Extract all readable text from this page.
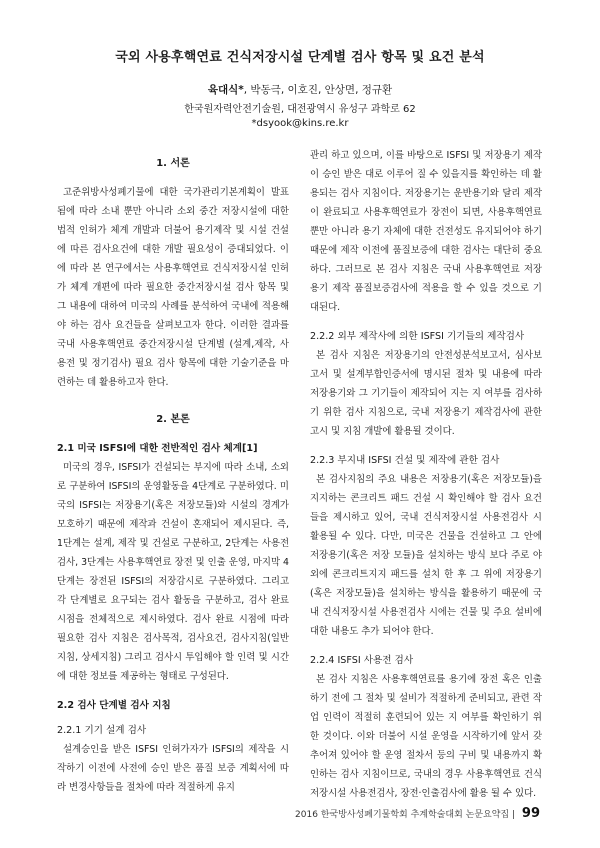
국외 사용후핵연료 건식저장시설 단계별 검사 항목 및 요건 분석
육대식*, 박동극, 이호진, 안상면, 정규환
한국원자력안전기술원, 대전광역시 유성구 과학로 62
*dsyook@kins.re.kr
1. 서론

고준위방사성폐기물에 대한 국가관리기본계획이 발표됨에 따라 소내 뿐만 아니라 소외 중간 저장시설에 대한 법적 인허가 체계 개발과 더불어 용기제작 및 시설 건설에 따른 검사요건에 대한 개발 필요성이 증대되었다. 이에 따라 본 연구에서는 사용후핵연료 건식저장시설 인허가 체계 개편에 따라 필요한 중간저장시설 검사 항목 및 그 내용에 대하여 미국의 사례를 분석하여 국내에 적용해야 하는 검사 요건들을 살펴보고자 한다. 이러한 결과를 국내 사용후핵연료 중간저장시설 단계별 (설계,제작, 사용전 및 정기검사) 필요 검사 항목에 대한 기술기준을 마련하는 데 활용하고자 한다.

2. 본론
2.1 미국 ISFSI에 대한 전반적인 검사 체계[1]

미국의 경우, ISFSI가 건설되는 부지에 따라 소내, 소외로 구분하여 ISFSI의 운영활동을 4단계로 구분하였다. 미국의 ISFSI는 저장용기(혹은 저장모듈)와 시설의 경계가 모호하기 때문에 제작과 건설이 혼재되어 제시된다. 즉, 1단계는 설계, 제작 및 건설로 구분하고, 2단계는 사용전검사, 3단계는 사용후핵연료 장전 및 인출 운영, 마지막 4단계는 장전된 ISFSI의 저장감시로 구분하였다. 그리고 각 단계별로 요구되는 검사 활동을 구분하고, 검사 완료 시점을 전체적으로 제시하였다. 검사 완료 시점에 따라 필요한 검사 지침은 검사목적, 검사요건, 검사지침(일반 지침, 상세지침) 그리고 검사시 투입해야 할 인력 및 시간에 대한 정보를 제공하는 형태로 구성된다.

2.2 검사 단계별 검사 지침
2.2.1 기기 설계 검사

설계승인을 받은 ISFSI 인허가자가 ISFSI의 제작을 시작하기 이전에 사전에 승인 받은 품질 보증 계획서에 따라 변경사항들을 절차에 따라 적절하게 유지

관리 하고 있으며, 이를 바탕으로 ISFSI 및 저장용기 제작이 승인 받은 대로 이루어 질 수 있을지를 확인하는 데 활용되는 검사 지침이다. 저장용기는 운반용기와 달리 제작이 완료되고 사용후핵연료가 장전이 되면, 사용후핵연료 뿐만 아니라 용기 자체에 대한 건전성도 유지되어야 하기 때문에 제작 이전에 품질보증에 대한 검사는 대단히 중요하다. 그러므로 본 검사 지침은 국내 사용후핵연료 저장용기 제작 품질보증검사에 적용을 할 수 있을 것으로 기대된다.

2.2.2 외부 제작사에 의한 ISFSI 기기들의 제작검사

본 검사 지침은 저장용기의 안전성분석보고서, 심사보고서 및 설계부합인증서에 명시된 절차 및 내용에 따라 저장용기와 그 기기들이 제작되어 지는 지 여부를 검사하기 위한 검사 지침으로, 국내 저장용기 제작검사에 관한 고시 및 지침 개발에 활용될 것이다.

2.2.3 부지내 ISFSI 건설 및 제작에 관한 검사

본 검사지침의 주요 내용은 저장용기(혹은 저장모듈)을 지지하는 콘크리트 패드 건설 시 확인해야 할 검사 요건들을 제시하고 있어, 국내 건식저장시설 사용전검사 시 활용될 수 있다. 다만, 미국은 건물을 건설하고 그 안에 저장용기(혹은 저장 모듈)을 설치하는 방식 보다 주로 야외에 콘크리트지지 패드를 설치 한 후 그 위에 저장용기(혹은 저장모듈)을 설치하는 방식을 활용하기 때문에 국내 건식저장시설 사용전검사 시에는 건물 및 주요 설비에 대한 내용도 추가 되어야 한다.

2.2.4 ISFSI 사용전 검사

본 검사 지침은 사용후핵연료를 용기에 장전 혹은 인출하기 전에 그 절차 및 설비가 적절하게 준비되고, 관련 작업 인력이 적절히 훈련되어 있는 지 여부를 확인하기 위한 것이다. 이와 더불어 시설 운영을 시작하기에 앞서 갖추어져 있어야 할 운영 절차서 등의 구비 및 내용까지 확인하는 검사 지침이므로, 국내의 경우 사용후핵연료 건식저장시설 사용전검사, 장전·인출검사에 활용 될 수 있다.

2016 한국방사성폐기물학회 추계학술대회 논문요약집 | 99
